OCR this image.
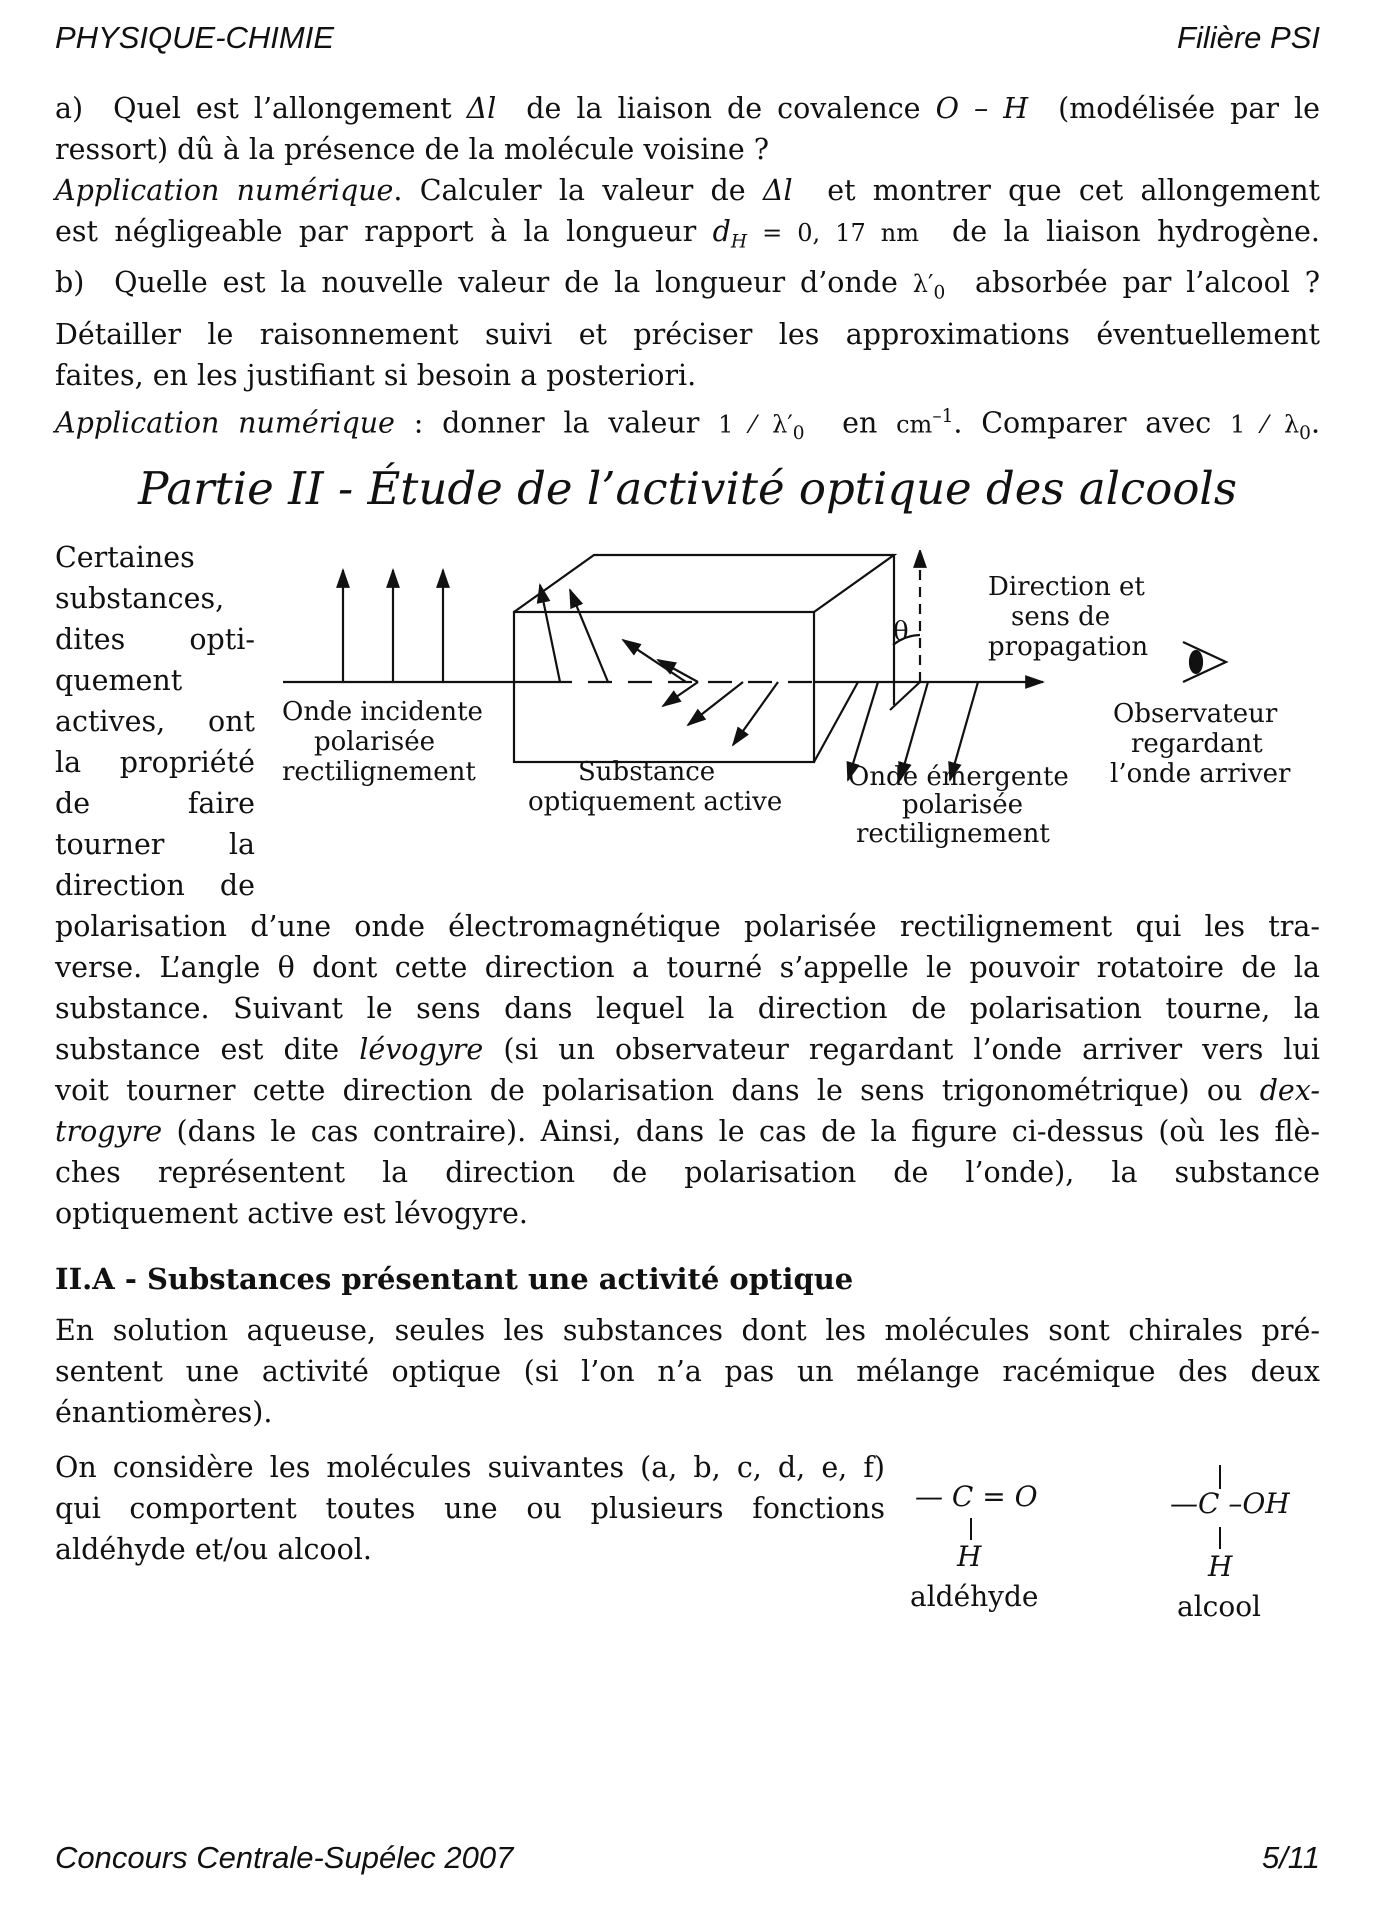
PHYSIQUE-CHIMIE	Filière PSI
a)  Quel est l’allongement Δl  de la liaison de covalence O – H  (modélisée par le
ressort) dû à la présence de la molécule voisine ?
Application numérique. Calculer la valeur de Δl  et montrer que cet allongement
est négligeable par rapport à la longueur $d_H = 0$, 17 nm  de la liaison hydrogène.
b)  Quelle est la nouvelle valeur de la longueur d’onde $\lambda'_0$  absorbée par l’alcool ?
Détailler le raisonnement suivi et préciser les approximations éventuellement
faites, en les justifiant si besoin a posteriori.
Application numérique : donner la valeur 1 ⁄ $\lambda'_0$  en $cm^{-1}$. Comparer avec 1 ⁄ $\lambda_0$.
Partie II - Étude de l’activité optique des alcools
Certaines
substances,
dites opti-
quement
actives, ont
la propriété
de faire
tourner la
direction de
θ
Onde incidente
polarisée
rectilignement	Substance
optiquement active
Onde émergente
polarisée
rectilignement
Direction et
sens de
propagation
Observateur
regardant
l’onde arriver
polarisation d’une onde électromagnétique polarisée rectilignement qui les tra-
verse. L’angle θ dont cette direction a tourné s’appelle le pouvoir rotatoire de la
substance. Suivant le sens dans lequel la direction de polarisation tourne, la
substance est dite lévogyre (si un observateur regardant l’onde arriver vers lui
voit tourner cette direction de polarisation dans le sens trigonométrique) ou dex-
trogyre (dans le cas contraire). Ainsi, dans le cas de la figure ci-dessus (où les flè-
ches représentent la direction de polarisation de l’onde), la substance
optiquement active est lévogyre.
II.A - Substances présentant une activité optique
En solution aqueuse, seules les substances dont les molécules sont chirales pré-
sentent une activité optique (si l’on n’a pas un mélange racémique des deux
énantiomères).
On considère les molécules suivantes (a, b, c, d, e, f)
qui comportent toutes une ou plusieurs fonctions
aldéhyde et/ou alcool.
— C = O
H
aldéhyde
—C –OH
H
alcool
Concours Centrale-Supélec 2007	5/11
